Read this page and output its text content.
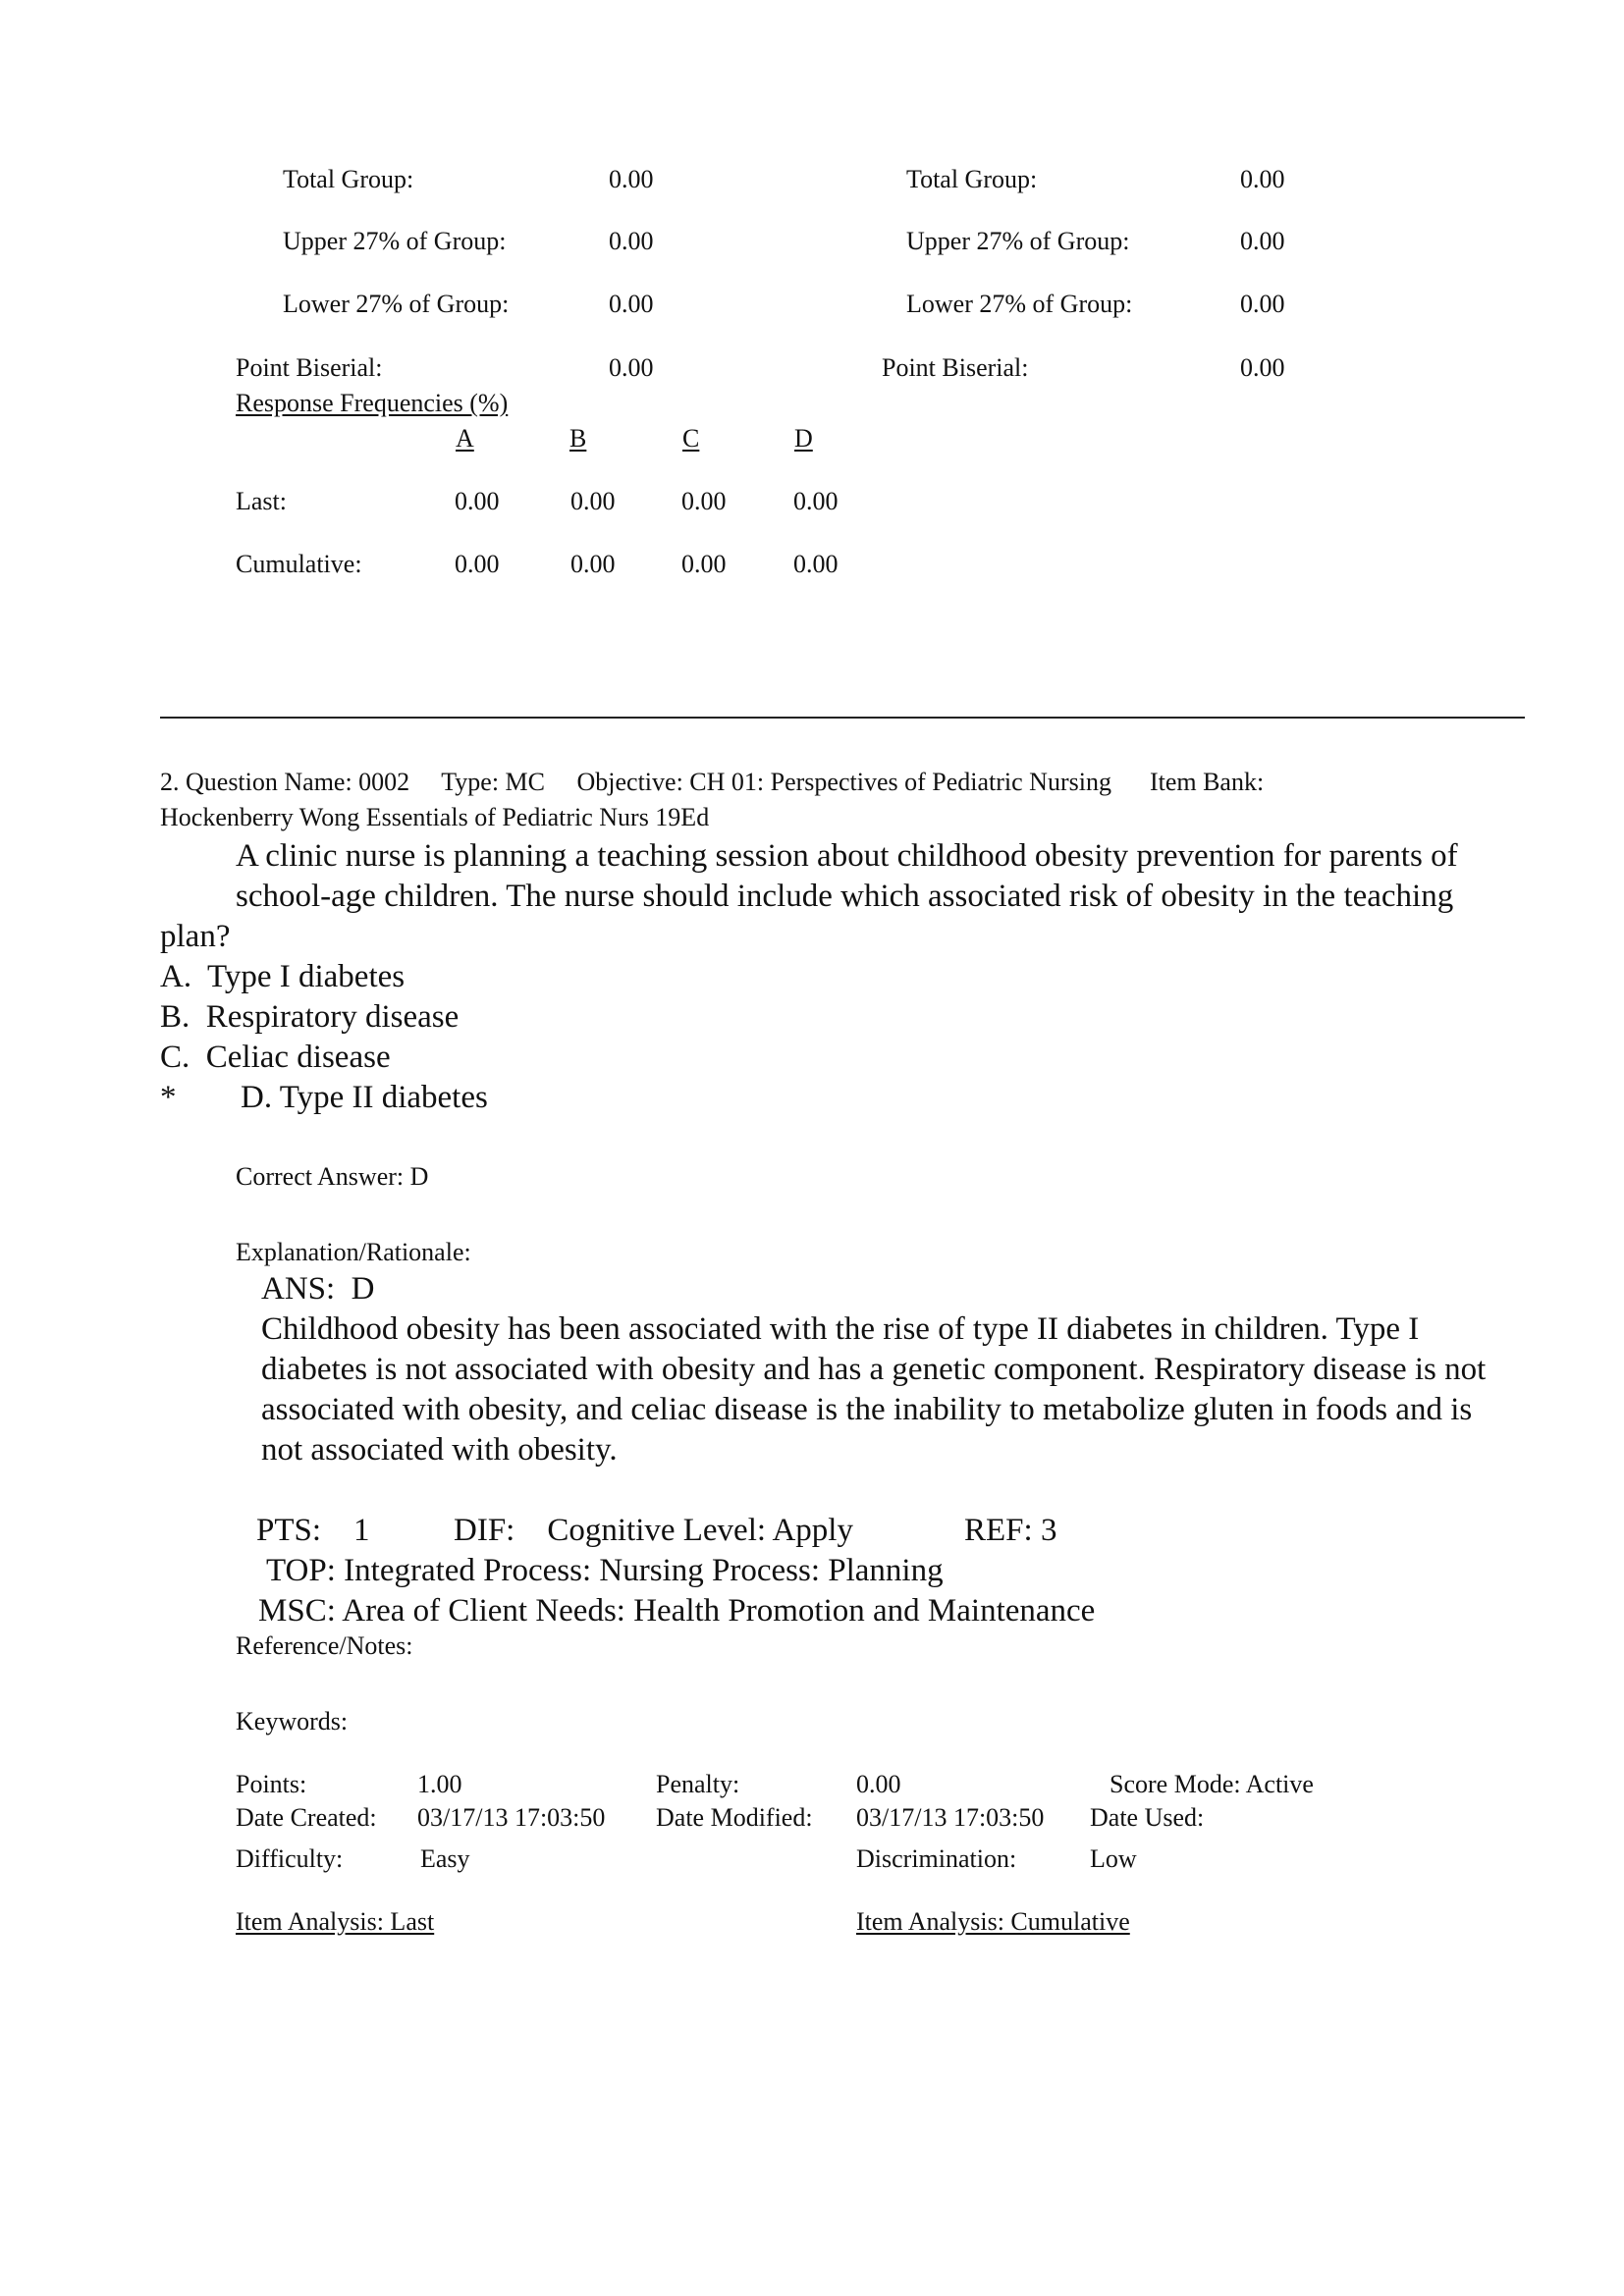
Total Group:	0.00
Upper 27% of Group:	0.00
Lower 27% of Group:	0.00
Point Biserial:	0.00
Total Group:	0.00
Upper 27% of Group:	0.00
Lower 27% of Group:	0.00
Point Biserial:	0.00
Response Frequencies (%)
A	B	C	D
Last:	0.00	0.00	0.00	0.00
Cumulative:	0.00	0.00	0.00	0.00
2. Question Name: 0002     Type: MC     Objective: CH 01: Perspectives of Pediatric Nursing      Item Bank:
Hockenberry Wong Essentials of Pediatric Nurs 19Ed
A clinic nurse is planning a teaching session about childhood obesity prevention for parents of
school-age children. The nurse should include which associated risk of obesity in the teaching
plan?
A.  Type I diabetes
B.  Respiratory disease
C.  Celiac disease
* D. Type II diabetes
Correct Answer: D
Explanation/Rationale:
ANS:  D
Childhood obesity has been associated with the rise of type II diabetes in children. Type I
diabetes is not associated with obesity and has a genetic component. Respiratory disease is not
associated with obesity, and celiac disease is the inability to metabolize gluten in foods and is
not associated with obesity.
PTS:    1	DIF:    Cognitive Level: Apply	REF: 3
TOP: Integrated Process: Nursing Process: Planning
MSC: Area of Client Needs: Health Promotion and Maintenance
Reference/Notes:
Keywords:
Points:	1.00	Penalty:	0.00	Score Mode: Active
Date Created: 03/17/13 17:03:50 Date Modified: 03/17/13 17:03:50 Date Used:
Difficulty:	Easy	Discrimination:	Low
Item Analysis: Last	Item Analysis: Cumulative
